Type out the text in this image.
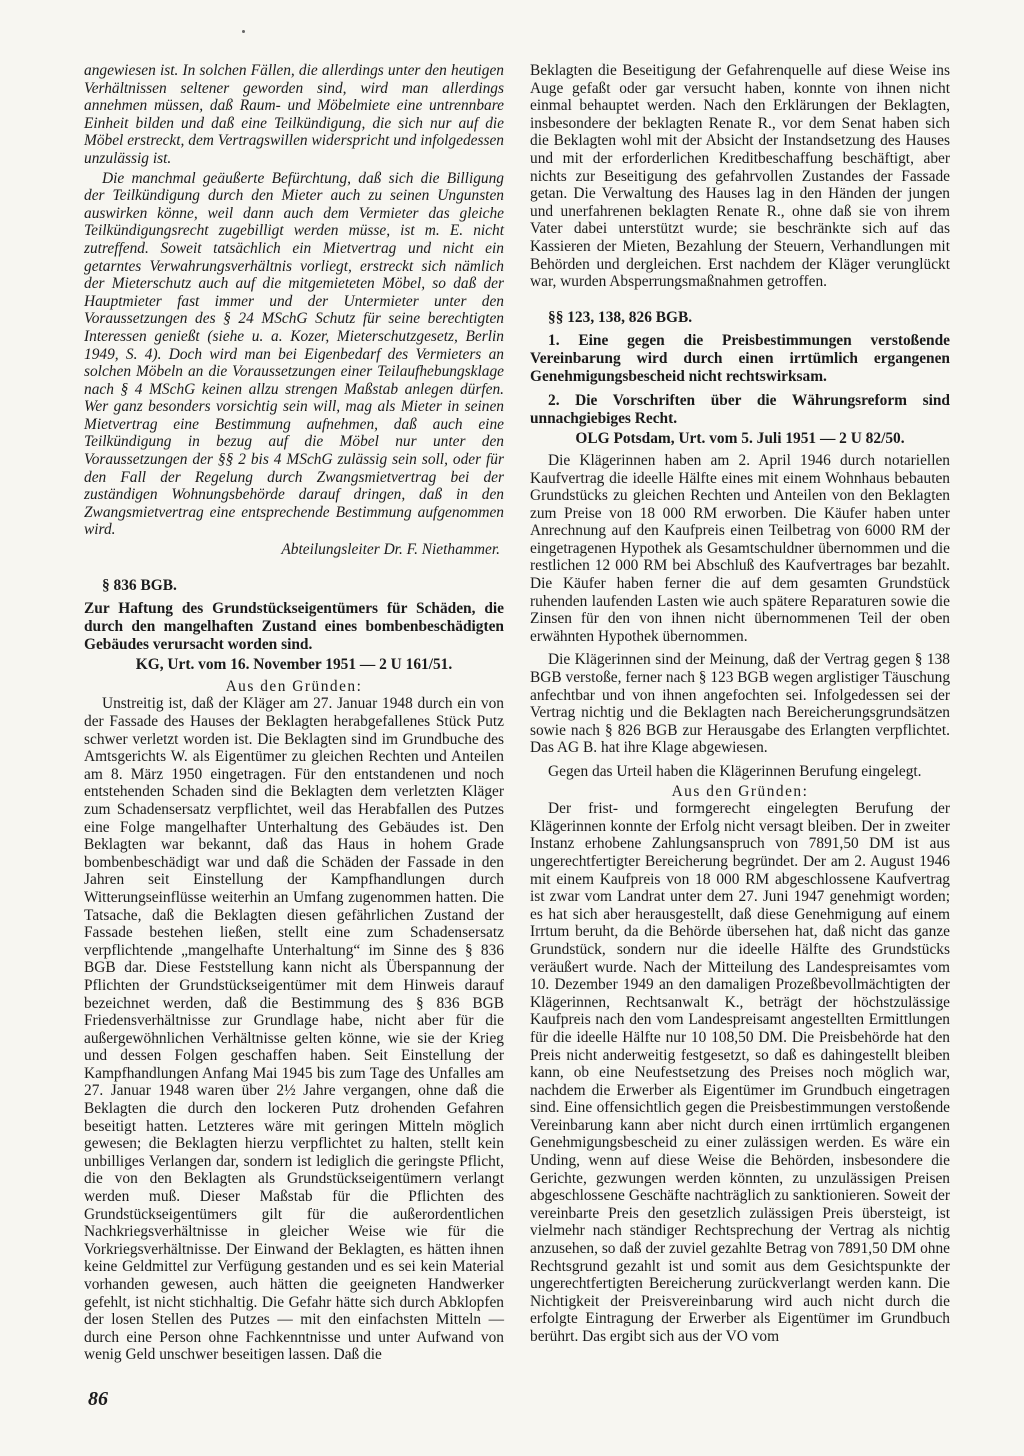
angewiesen ist. In solchen Fällen, die allerdings unter den heutigen Verhältnissen seltener geworden sind, wird man allerdings annehmen müssen, daß Raum- und Möbelmiete eine untrennbare Einheit bilden und daß eine Teilkündigung, die sich nur auf die Möbel erstreckt, dem Vertragswillen widerspricht und infolgedessen unzulässig ist.

Die manchmal geäußerte Befürchtung, daß sich die Billigung der Teilkündigung durch den Mieter auch zu seinen Ungunsten auswirken könne, weil dann auch dem Vermieter das gleiche Teilkündigungsrecht zugebilligt werden müsse, ist m. E. nicht zutreffend. Soweit tatsächlich ein Mietvertrag und nicht ein getarntes Verwahrungsverhältnis vorliegt, erstreckt sich nämlich der Mieterschutz auch auf die mitgemieteten Möbel, so daß der Hauptmieter fast immer und der Untermieter unter den Voraussetzungen des § 24 MSchG Schutz für seine berechtigten Interessen genießt (siehe u. a. Kozer, Mieterschutzgesetz, Berlin 1949, S. 4). Doch wird man bei Eigenbedarf des Vermieters an solchen Möbeln an die Voraussetzungen einer Teilaufhebungsklage nach § 4 MSchG keinen allzu strengen Maßstab anlegen dürfen. Wer ganz besonders vorsichtig sein will, mag als Mieter in seinen Mietvertrag eine Bestimmung aufnehmen, daß auch eine Teilkündigung in bezug auf die Möbel nur unter den Voraussetzungen der §§ 2 bis 4 MSchG zulässig sein soll, oder für den Fall der Regelung durch Zwangsmietvertrag bei der zuständigen Wohnungsbehörde darauf dringen, daß in den Zwangsmietvertrag eine entsprechende Bestimmung aufgenommen wird.

Abteilungsleiter Dr. F. Niethammer.

§ 836 BGB.

Zur Haftung des Grundstückseigentümers für Schäden, die durch den mangelhaften Zustand eines bombenbeschädigten Gebäudes verursacht worden sind.

KG, Urt. vom 16. November 1951 — 2 U 161/51.

Aus den Gründen:

Unstreitig ist, daß der Kläger am 27. Januar 1948 durch ein von der Fassade des Hauses der Beklagten herabgefallenes Stück Putz schwer verletzt worden ist. Die Beklagten sind im Grundbuche des Amtsgerichts W. als Eigentümer zu gleichen Rechten und Anteilen am 8. März 1950 eingetragen. Für den entstandenen und noch entstehenden Schaden sind die Beklagten dem verletzten Kläger zum Schadensersatz verpflichtet, weil das Herabfallen des Putzes eine Folge mangelhafter Unterhaltung des Gebäudes ist. Den Beklagten war bekannt, daß das Haus in hohem Grade bombenbeschädigt war und daß die Schäden der Fassade in den Jahren seit Einstellung der Kampfhandlungen durch Witterungseinflüsse weiterhin an Umfang zugenommen hatten. Die Tatsache, daß die Beklagten diesen gefährlichen Zustand der Fassade bestehen ließen, stellt eine zum Schadensersatz verpflichtende „mangelhafte Unterhaltung“ im Sinne des § 836 BGB dar. Diese Feststellung kann nicht als Überspannung der Pflichten der Grundstückseigentümer mit dem Hinweis darauf bezeichnet werden, daß die Bestimmung des § 836 BGB Friedensverhältnisse zur Grundlage habe, nicht aber für die außergewöhnlichen Verhältnisse gelten könne, wie sie der Krieg und dessen Folgen geschaffen haben. Seit Einstellung der Kampfhandlungen Anfang Mai 1945 bis zum Tage des Unfalles am 27. Januar 1948 waren über 2½ Jahre vergangen, ohne daß die Beklagten die durch den lockeren Putz drohenden Gefahren beseitigt hatten. Letzteres wäre mit geringen Mitteln möglich gewesen; die Beklagten hierzu verpflichtet zu halten, stellt kein unbilliges Verlangen dar, sondern ist lediglich die geringste Pflicht, die von den Beklagten als Grundstückseigentümern verlangt werden muß. Dieser Maßstab für die Pflichten des Grundstückseigentümers gilt für die außerordentlichen Nachkriegsverhältnisse in gleicher Weise wie für die Vorkriegsverhältnisse. Der Einwand der Beklagten, es hätten ihnen keine Geldmittel zur Verfügung gestanden und es sei kein Material vorhanden gewesen, auch hätten die geeigneten Handwerker gefehlt, ist nicht stichhaltig. Die Gefahr hätte sich durch Abklopfen der losen Stellen des Putzes — mit den einfachsten Mitteln — durch eine Person ohne Fachkenntnisse und unter Aufwand von wenig Geld unschwer beseitigen lassen. Daß die

Beklagten die Beseitigung der Gefahrenquelle auf diese Weise ins Auge gefaßt oder gar versucht haben, konnte von ihnen nicht einmal behauptet werden. Nach den Erklärungen der Beklagten, insbesondere der beklagten Renate R., vor dem Senat haben sich die Beklagten wohl mit der Absicht der Instandsetzung des Hauses und mit der erforderlichen Kreditbeschaffung beschäftigt, aber nichts zur Beseitigung des gefahrvollen Zustandes der Fassade getan. Die Verwaltung des Hauses lag in den Händen der jungen und unerfahrenen beklagten Renate R., ohne daß sie von ihrem Vater dabei unterstützt wurde; sie beschränkte sich auf das Kassieren der Mieten, Bezahlung der Steuern, Verhandlungen mit Behörden und dergleichen. Erst nachdem der Kläger verunglückt war, wurden Absperrungsmaßnahmen getroffen.

§§ 123, 138, 826 BGB.

1. Eine gegen die Preisbestimmungen verstoßende Vereinbarung wird durch einen irrtümlich ergangenen Genehmigungsbescheid nicht rechtswirksam.

2. Die Vorschriften über die Währungsreform sind unnachgiebiges Recht.

OLG Potsdam, Urt. vom 5. Juli 1951 — 2 U 82/50.

Die Klägerinnen haben am 2. April 1946 durch notariellen Kaufvertrag die ideelle Hälfte eines mit einem Wohnhaus bebauten Grundstücks zu gleichen Rechten und Anteilen von den Beklagten zum Preise von 18 000 RM erworben. Die Käufer haben unter Anrechnung auf den Kaufpreis einen Teilbetrag von 6000 RM der eingetragenen Hypothek als Gesamtschuldner übernommen und die restlichen 12 000 RM bei Abschluß des Kaufvertrages bar bezahlt. Die Käufer haben ferner die auf dem gesamten Grundstück ruhenden laufenden Lasten wie auch spätere Reparaturen sowie die Zinsen für den von ihnen nicht übernommenen Teil der oben erwähnten Hypothek übernommen.

Die Klägerinnen sind der Meinung, daß der Vertrag gegen § 138 BGB verstoße, ferner nach § 123 BGB wegen arglistiger Täuschung anfechtbar und von ihnen angefochten sei. Infolgedessen sei der Vertrag nichtig und die Beklagten nach Bereicherungsgrundsätzen sowie nach § 826 BGB zur Herausgabe des Erlangten verpflichtet. Das AG B. hat ihre Klage abgewiesen.

Gegen das Urteil haben die Klägerinnen Berufung eingelegt.

Aus den Gründen:

Der frist- und formgerecht eingelegten Berufung der Klägerinnen konnte der Erfolg nicht versagt bleiben. Der in zweiter Instanz erhobene Zahlungsanspruch von 7891,50 DM ist aus ungerechtfertigter Bereicherung begründet. Der am 2. August 1946 mit einem Kaufpreis von 18 000 RM abgeschlossene Kaufvertrag ist zwar vom Landrat unter dem 27. Juni 1947 genehmigt worden; es hat sich aber herausgestellt, daß diese Genehmigung auf einem Irrtum beruht, da die Behörde übersehen hat, daß nicht das ganze Grundstück, sondern nur die ideelle Hälfte des Grundstücks veräußert wurde. Nach der Mitteilung des Landespreisamtes vom 10. Dezember 1949 an den damaligen Prozeßbevollmächtigten der Klägerinnen, Rechtsanwalt K., beträgt der höchstzulässige Kaufpreis nach den vom Landespreisamt angestellten Ermittlungen für die ideelle Hälfte nur 10 108,50 DM. Die Preisbehörde hat den Preis nicht anderweitig festgesetzt, so daß es dahingestellt bleiben kann, ob eine Neufestsetzung des Preises noch möglich war, nachdem die Erwerber als Eigentümer im Grundbuch eingetragen sind. Eine offensichtlich gegen die Preisbestimmungen verstoßende Vereinbarung kann aber nicht durch einen irrtümlich ergangenen Genehmigungsbescheid zu einer zulässigen werden. Es wäre ein Unding, wenn auf diese Weise die Behörden, insbesondere die Gerichte, gezwungen werden könnten, zu unzulässigen Preisen abgeschlossene Geschäfte nachträglich zu sanktionieren. Soweit der vereinbarte Preis den gesetzlich zulässigen Preis übersteigt, ist vielmehr nach ständiger Rechtsprechung der Vertrag als nichtig anzusehen, so daß der zuviel gezahlte Betrag von 7891,50 DM ohne Rechtsgrund gezahlt ist und somit aus dem Gesichtspunkte der ungerechtfertigten Bereicherung zurückverlangt werden kann. Die Nichtigkeit der Preisvereinbarung wird auch nicht durch die erfolgte Eintragung der Erwerber als Eigentümer im Grundbuch berührt. Das ergibt sich aus der VO vom

86
